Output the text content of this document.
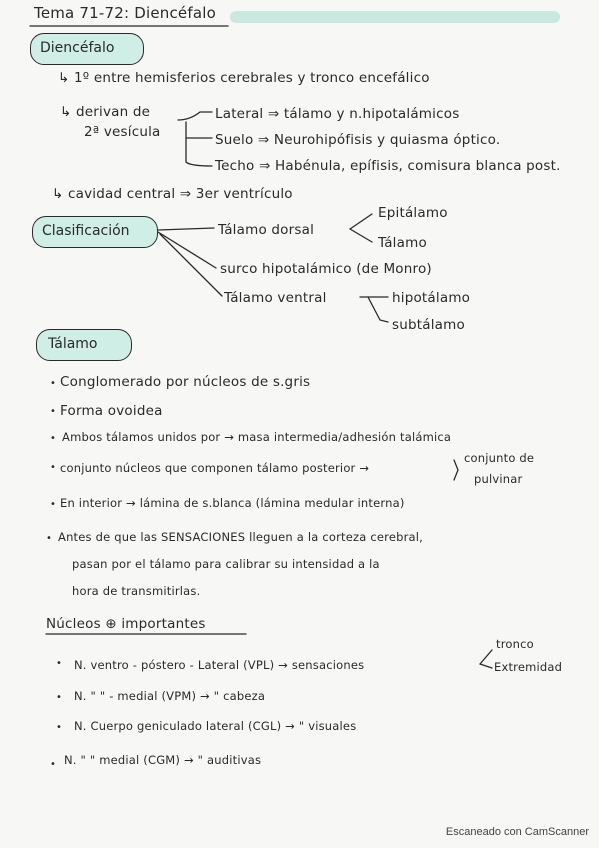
Tema 71-72: Diencéfalo
Diencéfalo
↳ 1º entre hemisferios cerebrales y tronco encefálico
↳ derivan de
2ª vesícula
Lateral ⇒ tálamo y n.hipotalámicos
Suelo ⇒ Neurohipófisis y quiasma óptico.
Techo ⇒ Habénula, epífisis, comisura blanca post.
↳ cavidad central ⇒ 3er ventrículo
Clasificación	Tálamo dorsal
Epitálamo
Tálamo
surco hipotalámico (de Monro)
Tálamo ventral	hipotálamo
subtálamo
Tálamo
• Conglomerado por núcleos de s.gris
• Forma ovoidea
• Ambos tálamos unidos por → masa intermedia/adhesión talámica
• conjunto núcleos que componen tálamo posterior →
conjunto de
pulvinar
• En interior → lámina de s.blanca (lámina medular interna)
• Antes de que las SENSACIONES lleguen a la corteza cerebral,
pasan por el tálamo para calibrar su intensidad a la
hora de transmitirlas.
Núcleos ⊕ importantes
• N. ventro - póstero - Lateral (VPL) → sensaciones
tronco
Extremidad
• N. " " - medial (VPM) → " cabeza
• N. Cuerpo geniculado lateral (CGL) → " visuales
• N. " " medial (CGM) → " auditivas
Escaneado con CamScanner
